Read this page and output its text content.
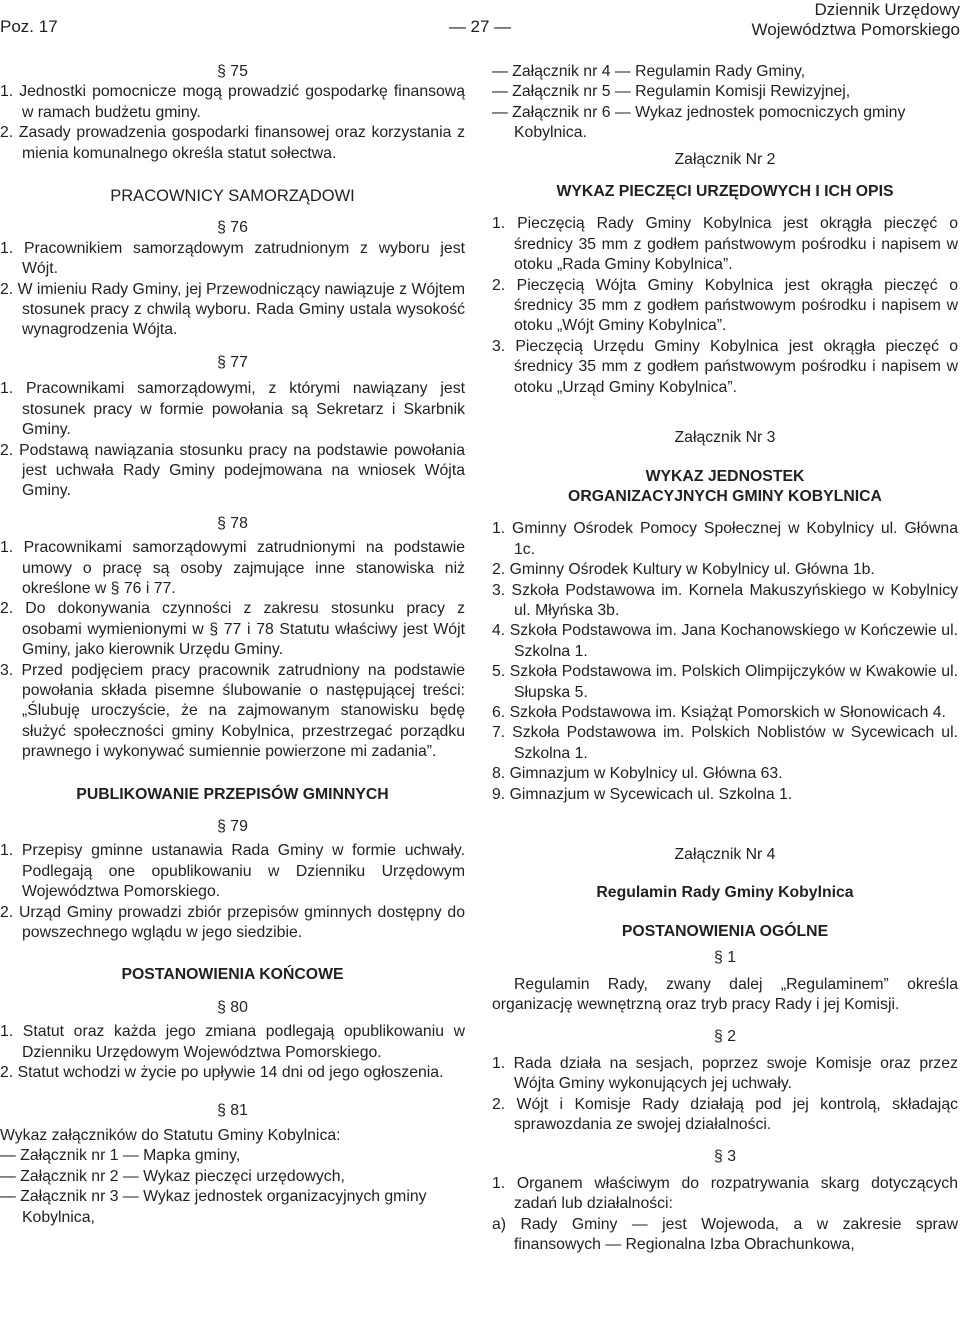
Poz. 17	— 27 —
Dziennik Urzędowy
Województwa Pomorskiego

§ 75

1. Jednostki pomocnicze mogą prowadzić gospodarkę finansową w ramach budżetu gminy.

2. Zasady prowadzenia gospodarki finansowej oraz korzystania z mienia komunalnego określa statut sołectwa.

PRACOWNICY SAMORZĄDOWI

§ 76

1. Pracownikiem samorządowym zatrudnionym z wyboru jest Wójt.

2. W imieniu Rady Gminy, jej Przewodniczący nawiązuje z Wójtem stosunek pracy z chwilą wyboru. Rada Gminy ustala wysokość wynagrodzenia Wójta.

§ 77

1. Pracownikami samorządowymi, z którymi nawiązany jest stosunek pracy w formie powołania są Sekretarz i Skarbnik Gminy.

2. Podstawą nawiązania stosunku pracy na podstawie powołania jest uchwała Rady Gminy podejmowana na wniosek Wójta Gminy.

§ 78

1. Pracownikami samorządowymi zatrudnionymi na podstawie umowy o pracę są osoby zajmujące inne stanowiska niż określone w § 76 i 77.

2. Do dokonywania czynności z zakresu stosunku pracy z osobami wymienionymi w § 77 i 78 Statutu właściwy jest Wójt Gminy, jako kierownik Urzędu Gminy.

3. Przed podjęciem pracy pracownik zatrudniony na podstawie powołania składa pisemne ślubowanie o następującej treści: „Ślubuję uroczyście, że na zajmowanym stanowisku będę służyć społeczności gminy Kobylnica, przestrzegać porządku prawnego i wykonywać sumiennie powierzone mi zadania”.

PUBLIKOWANIE PRZEPISÓW GMINNYCH

§ 79

1. Przepisy gminne ustanawia Rada Gminy w formie uchwały. Podlegają one opublikowaniu w Dzienniku Urzędowym Województwa Pomorskiego.

2. Urząd Gminy prowadzi zbiór przepisów gminnych dostępny do powszechnego wglądu w jego siedzibie.

POSTANOWIENIA KOŃCOWE

§ 80

1. Statut oraz każda jego zmiana podlegają opublikowaniu w Dzienniku Urzędowym Województwa Pomorskiego.

2. Statut wchodzi w życie po upływie 14 dni od jego ogłoszenia.

§ 81

Wykaz załączników do Statutu Gminy Kobylnica:

— Załącznik nr 1 — Mapka gminy,

— Załącznik nr 2 — Wykaz pieczęci urzędowych,

— Załącznik nr 3 — Wykaz jednostek organizacyjnych gminy Kobylnica,

— Załącznik nr 4 — Regulamin Rady Gminy,

— Załącznik nr 5 — Regulamin Komisji Rewizyjnej,

— Załącznik nr 6 — Wykaz jednostek pomocniczych gminy Kobylnica.

Załącznik Nr 2

WYKAZ PIECZĘCI URZĘDOWYCH I ICH OPIS

1. Pieczęcią Rady Gminy Kobylnica jest okrągła pieczęć o średnicy 35 mm z godłem państwowym pośrodku i napisem w otoku „Rada Gminy Kobylnica”.

2. Pieczęcią Wójta Gminy Kobylnica jest okrągła pieczęć o średnicy 35 mm z godłem państwowym pośrodku i napisem w otoku „Wójt Gminy Kobylnica”.

3. Pieczęcią Urzędu Gminy Kobylnica jest okrągła pieczęć o średnicy 35 mm z godłem państwowym pośrodku i napisem w otoku „Urząd Gminy Kobylnica”.

Załącznik Nr 3

WYKAZ JEDNOSTEK

ORGANIZACYJNYCH GMINY KOBYLNICA

1. Gminny Ośrodek Pomocy Społecznej w Kobylnicy ul. Główna 1c.

2. Gminny Ośrodek Kultury w Kobylnicy ul. Główna 1b.

3. Szkoła Podstawowa im. Kornela Makuszyńskiego w Kobylnicy ul. Młyńska 3b.

4. Szkoła Podstawowa im. Jana Kochanowskiego w Kończewie ul. Szkolna 1.

5. Szkoła Podstawowa im. Polskich Olimpijczyków w Kwakowie ul. Słupska 5.

6. Szkoła Podstawowa im. Książąt Pomorskich w Słonowicach 4.

7. Szkoła Podstawowa im. Polskich Noblistów w Sycewicach ul. Szkolna 1.

8. Gimnazjum w Kobylnicy ul. Główna 63.

9. Gimnazjum w Sycewicach ul. Szkolna 1.

Załącznik Nr 4

Regulamin Rady Gminy Kobylnica

POSTANOWIENIA OGÓLNE

§ 1

Regulamin Rady, zwany dalej „Regulaminem” określa organizację wewnętrzną oraz tryb pracy Rady i jej Komisji.

§ 2

1. Rada działa na sesjach, poprzez swoje Komisje oraz przez Wójta Gminy wykonujących jej uchwały.

2. Wójt i Komisje Rady działają pod jej kontrolą, składając sprawozdania ze swojej działalności.

§ 3

1. Organem właściwym do rozpatrywania skarg dotyczących zadań lub działalności:

a) Rady Gminy — jest Wojewoda, a w zakresie spraw finansowych — Regionalna Izba Obrachunkowa,
